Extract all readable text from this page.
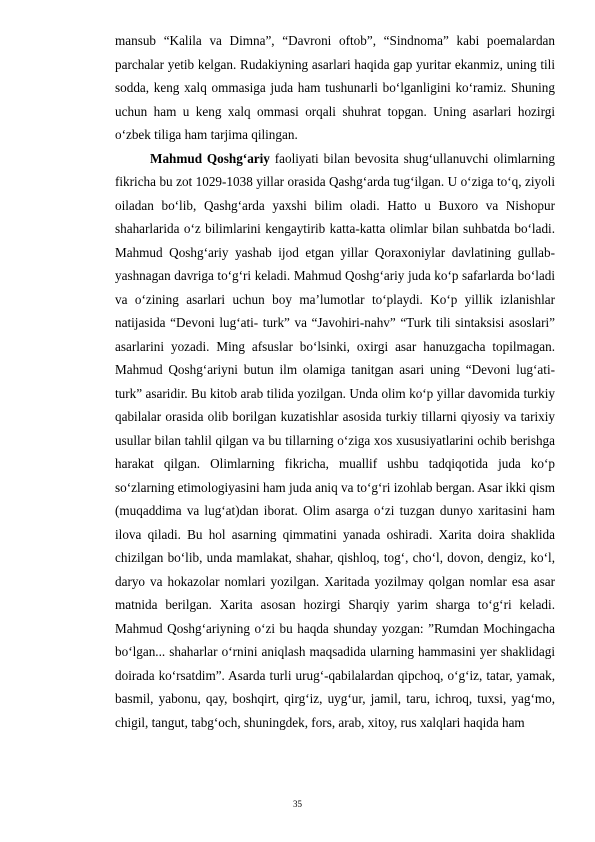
mansub “Kalila va Dimna”, “Davroni oftob”, “Sindnoma” kabi poemalardan parchalar yetib kelgan. Rudakiyning asarlari haqida gap yuritar ekanmiz, uning tili sodda, keng xalq ommasiga juda ham tushunarli bo‘lganligini ko‘ramiz. Shuning uchun ham u keng xalq ommasi orqali shuhrat topgan. Uning asarlari hozirgi o‘zbek tiliga ham tarjima qilingan.

Mahmud Qoshg‘ariy faoliyati bilan bevosita shug‘ullanuvchi olimlarning fikricha bu zot 1029-1038 yillar orasida Qashg‘arda tug‘ilgan. U o‘ziga to‘q, ziyoli oiladan bo‘lib, Qashg‘arda yaxshi bilim oladi. Hatto u Buxoro va Nishopur shaharlarida o‘z bilimlarini kengaytirib katta-katta olimlar bilan suhbatda bo‘ladi. Mahmud Qoshg‘ariy yashab ijod etgan yillar Qoraxoniylar davlatining gullab-yashnagan davriga to‘g‘ri keladi. Mahmud Qoshg‘ariy juda ko‘p safarlarda bo‘ladi va o‘zining asarlari uchun boy ma’lumotlar to‘playdi. Ko‘p yillik izlanishlar natijasida “Devoni lug‘ati- turk” va “Javohiri-nahv” “Turk tili sintaksisi asoslari” asarlarini yozadi. Ming afsuslar bo‘lsinki, oxirgi asar hanuzgacha topilmagan. Mahmud Qoshg‘ariyni butun ilm olamiga tanitgan asari uning “Devoni lug‘ati-turk” asaridir. Bu kitob arab tilida yozilgan. Unda olim ko‘p yillar davomida turkiy qabilalar orasida olib borilgan kuzatishlar asosida turkiy tillarni qiyosiy va tarixiy usullar bilan tahlil qilgan va bu tillarning o‘ziga xos xususiyatlarini ochib berishga harakat qilgan. Olimlarning fikricha, muallif ushbu tadqiqotida juda ko‘p so‘zlarning etimologiyasini ham juda aniq va to‘g‘ri izohlab bergan. Asar ikki qism (muqaddima va lug‘at)dan iborat. Olim asarga o‘zi tuzgan dunyo xaritasini ham ilova qiladi. Bu hol asarning qimmatini yanada oshiradi. Xarita doira shaklida chizilgan bo‘lib, unda mamlakat, shahar, qishloq, tog‘, cho‘l, dovon, dengiz, ko‘l, daryo va hokazolar nomlari yozilgan. Xaritada yozilmay qolgan nomlar esa asar matnida berilgan. Xarita asosan hozirgi Sharqiy yarim sharga to‘g‘ri keladi. Mahmud Qoshg‘ariyning o‘zi bu haqda shunday yozgan: ”Rumdan Mochingacha bo‘lgan... shaharlar o‘rnini aniqlash maqsadida ularning hammasini yer shaklidagi doirada ko‘rsatdim”. Asarda turli urug‘-qabilalardan qipchoq, o‘g‘iz, tatar, yamak, basmil, yabonu, qay, boshqirt, qirg‘iz, uyg‘ur, jamil, taru, ichroq, tuxsi, yag‘mo, chigil, tangut, tabg‘och, shuningdek, fors, arab, xitoy, rus xalqlari haqida ham

35
